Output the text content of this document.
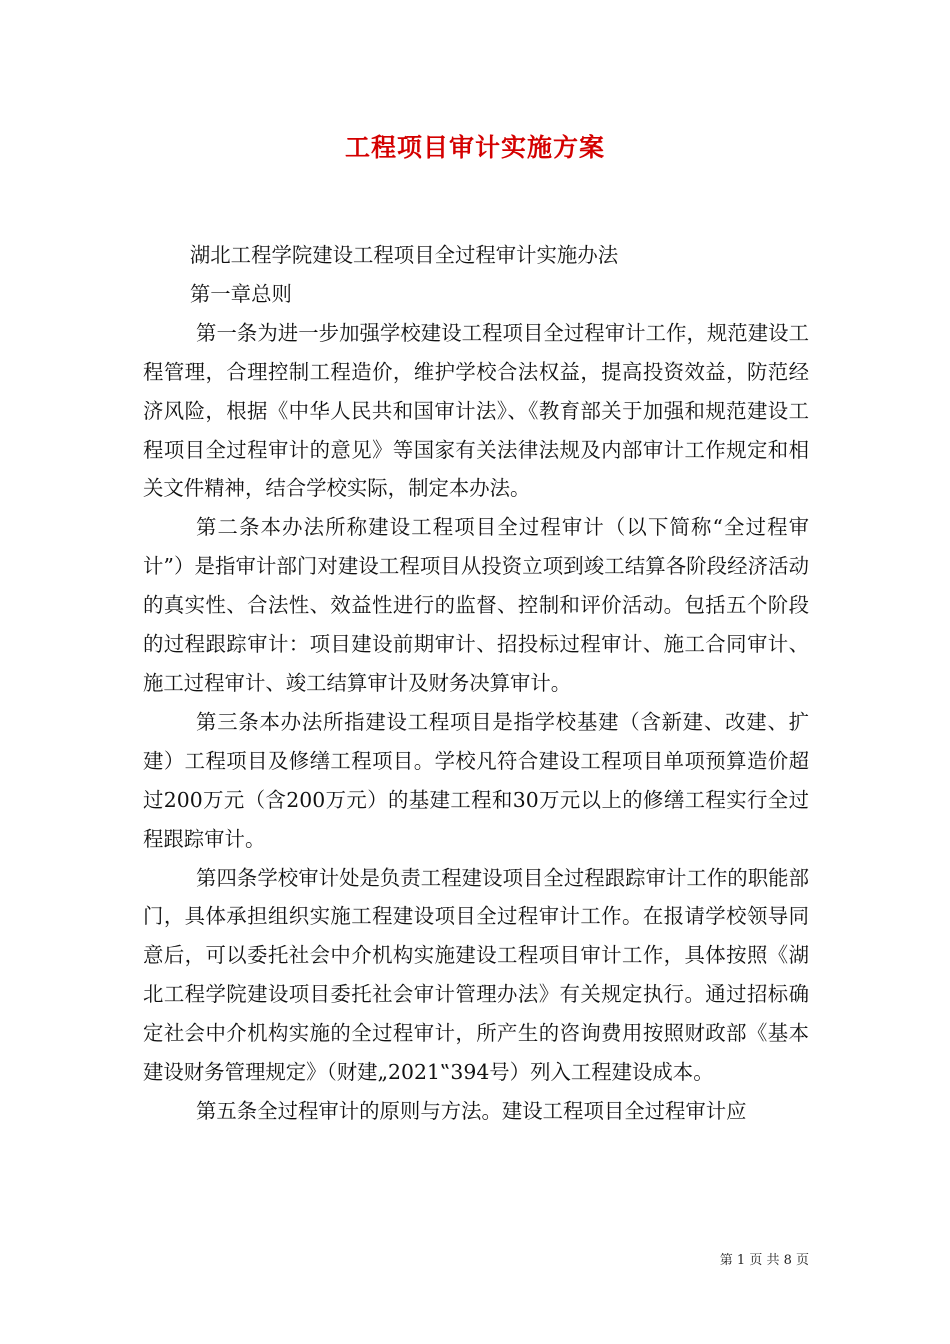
工程项目审计实施方案

湖北工程学院建设工程项目全过程审计实施办法

第一章总则

第一条为进一步加强学校建设工程项目全过程审计工作，规范建设工程管理，合理控制工程造价，维护学校合法权益，提高投资效益，防范经济风险，根据《中华人民共和国审计法》、《教育部关于加强和规范建设工程项目全过程审计的意见》等国家有关法律法规及内部审计工作规定和相关文件精神，结合学校实际，制定本办法。

第二条本办法所称建设工程项目全过程审计（以下简称“全过程审计”）是指审计部门对建设工程项目从投资立项到竣工结算各阶段经济活动的真实性、合法性、效益性进行的监督、控制和评价活动。包括五个阶段的过程跟踪审计：项目建设前期审计、招投标过程审计、施工合同审计、施工过程审计、竣工结算审计及财务决算审计。

第三条本办法所指建设工程项目是指学校基建（含新建、改建、扩建）工程项目及修缮工程项目。学校凡符合建设工程项目单项预算造价超过200万元（含200万元）的基建工程和30万元以上的修缮工程实行全过程跟踪审计。

第四条学校审计处是负责工程建设项目全过程跟踪审计工作的职能部门，具体承担组织实施工程建设项目全过程审计工作。在报请学校领导同意后，可以委托社会中介机构实施建设工程项目审计工作，具体按照《湖北工程学院建设项目委托社会审计管理办法》有关规定执行。通过招标确定社会中介机构实施的全过程审计，所产生的咨询费用按照财政部《基本建设财务管理规定》（财建„2021‟394号）列入工程建设成本。

第五条全过程审计的原则与方法。建设工程项目全过程审计应

第 1 页 共 8 页
